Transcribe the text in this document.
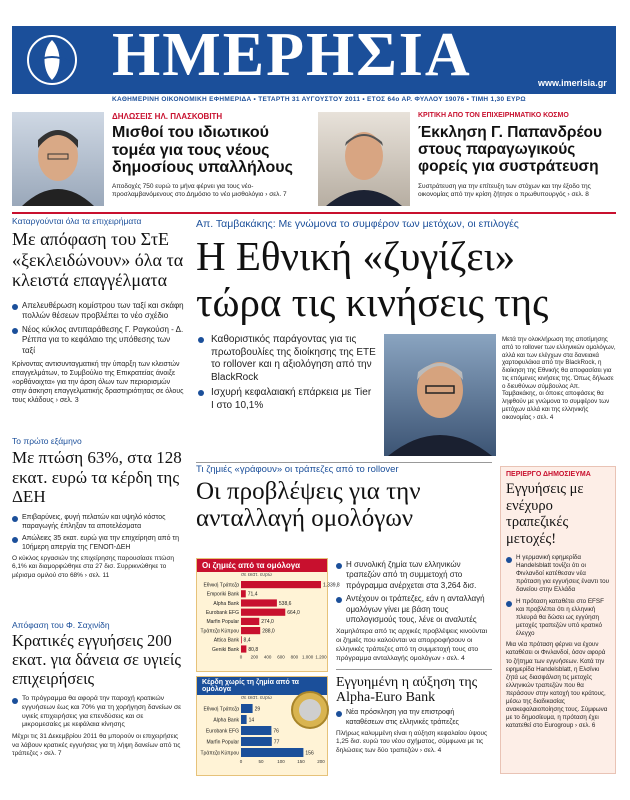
ΗΜΕΡΗΣΙΑ	www.imerisia.gr
ΚΑΘΗΜΕΡΙΝΗ ΟΙΚΟΝΟΜΙΚΗ ΕΦΗΜΕΡΙΔΑ • ΤΕΤΑΡΤΗ 31 ΑΥΓΟΥΣΤΟΥ 2011 • ΕΤΟΣ 64ο ΑΡ. ΦΥΛΛΟΥ 19076 • ΤΙΜΗ 1,30 ΕΥΡΩ
ΔΗΛΩΣΕΙΣ ΗΛ. ΠΛΑΣΚΟΒΙΤΗ
Μισθοί του ιδιωτικού τομέα για τους νέους δημοσίους υπαλλήλους
Αποδοχές 750 ευρώ το μήνα φέρνει για τους νέο-προσλαμβανόμενους στο Δημόσιο το νέο μισθολόγιο › σελ. 7
ΚΡΙΤΙΚΗ ΑΠΟ ΤΟΝ ΕΠΙΧΕΙΡΗΜΑΤΙΚΟ ΚΟΣΜΟ
Έκκληση Γ. Παπανδρέου στους παραγωγικούς φορείς για συστράτευση
Συστράτευση για την επίτευξη των στόχων και την έξοδο της οικονομίας από την κρίση ζήτησε ο πρωθυπουργός › σελ. 8
Καταργούνται όλα τα επιχειρήματα
Με απόφαση του ΣτΕ «ξεκλειδώνουν» όλα τα κλειστά επαγγέλματα
Απελευθέρωση κομίστρου των ταξί και σκάφη πολλών θέσεων προβλέπει το νέο σχέδιο
Νέος κύκλος αντιπαράθεσης Γ. Ραγκούση - Δ. Ρέππα για το κεφάλαιο της υπόθεσης των ταξί
Κρίνοντας αντισυνταγματική την ύπαρξη των κλειστών επαγγελμάτων, το Συμβούλιο της Επικρατείας άνοιξε «ορθάνοιχτα» για την άρση όλων των περιορισμών στην άσκηση επαγγελματικής δραστηριότητας σε όλους τους κλάδους › σελ. 3
Το πρώτο εξάμηνο
Με πτώση 63%, στα 128 εκατ. ευρώ τα κέρδη της ΔΕΗ
Επιβαρύνεις, φυγή πελατών και υψηλό κόστος παραγωγής έπληξαν τα αποτελέσματα
Απώλειες 35 εκατ. ευρώ για την επιχείρηση από τη 10ήμερη απεργία της ΓΕΝΟΠ-ΔΕΗ
Ο κύκλος εργασιών της επιχείρησης παρουσίασε πτώση 6,1% και διαμορφώθηκε στα 27 δισ. Συρρικνώθηκε το μέρισμα ομιλού στο 68% › σελ. 11
Απόφαση του Φ. Σαχινίδη
Κρατικές εγγυήσεις 200 εκατ. για δάνεια σε υγιείς επιχειρήσεις
Το πρόγραμμα θα αφορά την παροχή κρατικών εγγυήσεων έως και 70% για τη χορήγηση δανείων σε υγιείς επιχειρήσεις για επενδύσεις και σε μικρομεσαίες με κεφάλαια κίνησης
Μέχρι τις 31 Δεκεμβρίου 2011 θα μπορούν οι επιχειρήσεις να λάβουν κρατικές εγγυήσεις για τη λήψη δανείων από τις τράπεζες › σελ. 7
Απ. Ταμβακάκης: Με γνώμονα το συμφέρον των μετόχων, οι επιλογές
Η Εθνική «ζυγίζει»
τώρα τις κινήσεις της
Καθοριστικός παράγοντας για τις πρωτοβουλίες της διοίκησης της ΕΤΕ το rollover και η αξιολόγηση από την BlackRock
Ισχυρή κεφαλαιακή επάρκεια με Tier I στο 10,1%
Μετά την ολοκλήρωση της αποτίμησης από το rollover των ελληνικών ομολόγων, αλλά και των ελέγχων στα δανειακά χαρτοφυλάκια από την BlackRock, η διοίκηση της Εθνικής θα αποφασίσει για τις επόμενες κινήσεις της. Όπως δήλωσε ο διευθύνων σύμβουλος Απ. Ταμβακάκης, οι όποιες αποφάσεις θα ληφθούν με γνώμονα το συμφέρον των μετόχων αλλά και της ελληνικής οικονομίας › σελ. 4
Τι ζημιές «γράφουν» οι τράπεζες από το rollover
Οι προβλέψεις για την ανταλλαγή ομολόγων
Οι ζημιές από τα ομόλογα
σε εκατ. ευρώ
Εθνική Τράπεζα	1.339,8
Emporiki Bank 71,4
Alpha Bank	538,6
Eurobank EFG	664,0
Marfin Popular	274,0
Τράπεζα Κύπρου	288,0
Attica Bank 8,4
Geniki Bank 80,8
0 200 400 600 800 1.000 1.200
Κέρδη χωρίς τη ζημία από τα ομόλογα
σε εκατ. ευρώ
Εθνική Τράπεζα	29
Alpha Bank 14
Eurobank EFG	76
Marfin Popular	77
Τράπεζα Κύπρου	156
0	50	100	150	200
Η συνολική ζημία των ελληνικών τραπεζών από τη συμμετοχή στο πρόγραμμα ανέρχεται στα 3,264 δισ.
Αντέχουν οι τράπεζες, εάν η ανταλλαγή ομολόγων γίνει με βάση τους υπολογισμούς τους, λένε οι αναλυτές
Χαμηλότερα από τις αρχικές προβλέψεις κινούνται οι ζημιές που καλούνται να απορροφήσουν οι ελληνικές τράπεζες από τη συμμετοχή τους στο πρόγραμμα ανταλλαγής ομολόγων › σελ. 4
Εγγυημένη η αύξηση της Alpha-Euro Bank
Νέα πρόσκληση για την επιστροφή καταθέσεων στις ελληνικές τράπεζες
Πλήρως καλυμμένη είναι η αύξηση κεφαλαίου ύψους 1,25 δισ. ευρώ του νέου σχήματος, σύμφωνα με τις δηλώσεις των δύο τραπεζών › σελ. 4
ΠΕΡΙΕΡΓΟ ΔΗΜΟΣΙΕΥΜΑ
Εγγυήσεις με ενέχυρο τραπεζικές μετοχές!
Η γερμανική εφημερίδα Handelsblatt τονίζει ότι οι Φινλανδοί κατέθεσαν νέα πρόταση για εγγυήσεις έναντι του δανείου στην Ελλάδα
Η πρόταση καταθέτει στο EFSF και προβλέπει ότι η ελληνική πλευρά θα δώσει ως εγγύηση μετοχές τραπεζών υπό κρατικό έλεγχο
Μια νέα πρόταση φέρνει να έχουν καταθέσει οι Φινλανδοί, όσον αφορά το ζήτημα των εγγυήσεων. Κατά την εφημερίδα Handelsblatt, η Ελσίνκι ζητά ως διασφάλιση τις μετοχές ελληνικών τραπεζών που θα περάσουν στην κατοχή του κράτους, μέσω της διαδικασίας ανακεφαλαιοποίησης τους. Σύμφωνα με το δημοσίευμα, η πρόταση έχει κατατεθεί στο Eurogroup › σελ. 6
